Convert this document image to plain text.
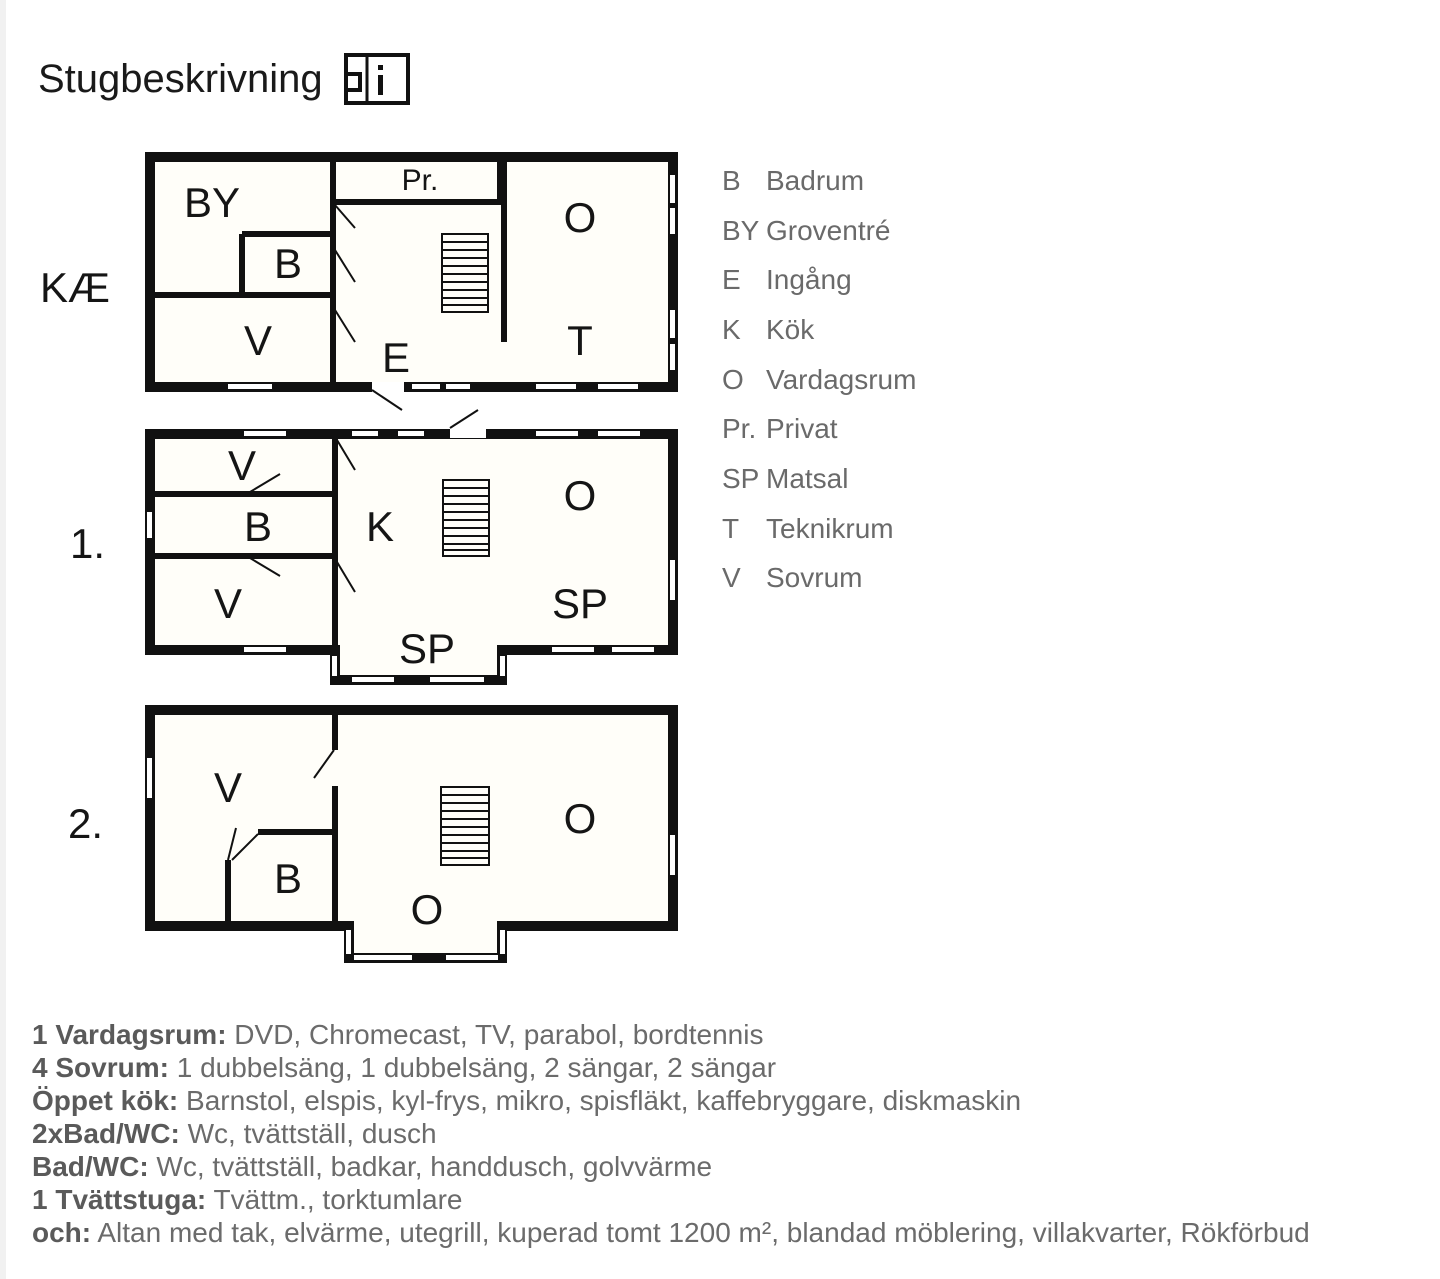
Stugbeskrivning
BY	Pr.
O
B
V	E	T
V
B
V
K
O
SP
SP
V
B
O
O
KÆ
1.
2.
B Badrum
BY Groventré
E Ingång
K Kök
O Vardagsrum
Pr. Privat
SP Matsal
T Teknikrum
V Sovrum
1 Vardagsrum: DVD, Chromecast, TV, parabol, bordtennis
4 Sovrum: 1 dubbelsäng, 1 dubbelsäng, 2 sängar, 2 sängar
Öppet kök: Barnstol, elspis, kyl-frys, mikro, spisfläkt, kaffebryggare, diskmaskin
2xBad/WC: Wc, tvättställ, dusch
Bad/WC: Wc, tvättställ, badkar, handdusch, golvvärme
1 Tvättstuga: Tvättm., torktumlare
och: Altan med tak, elvärme, utegrill, kuperad tomt 1200 m², blandad möblering, villakvarter, Rökförbud
